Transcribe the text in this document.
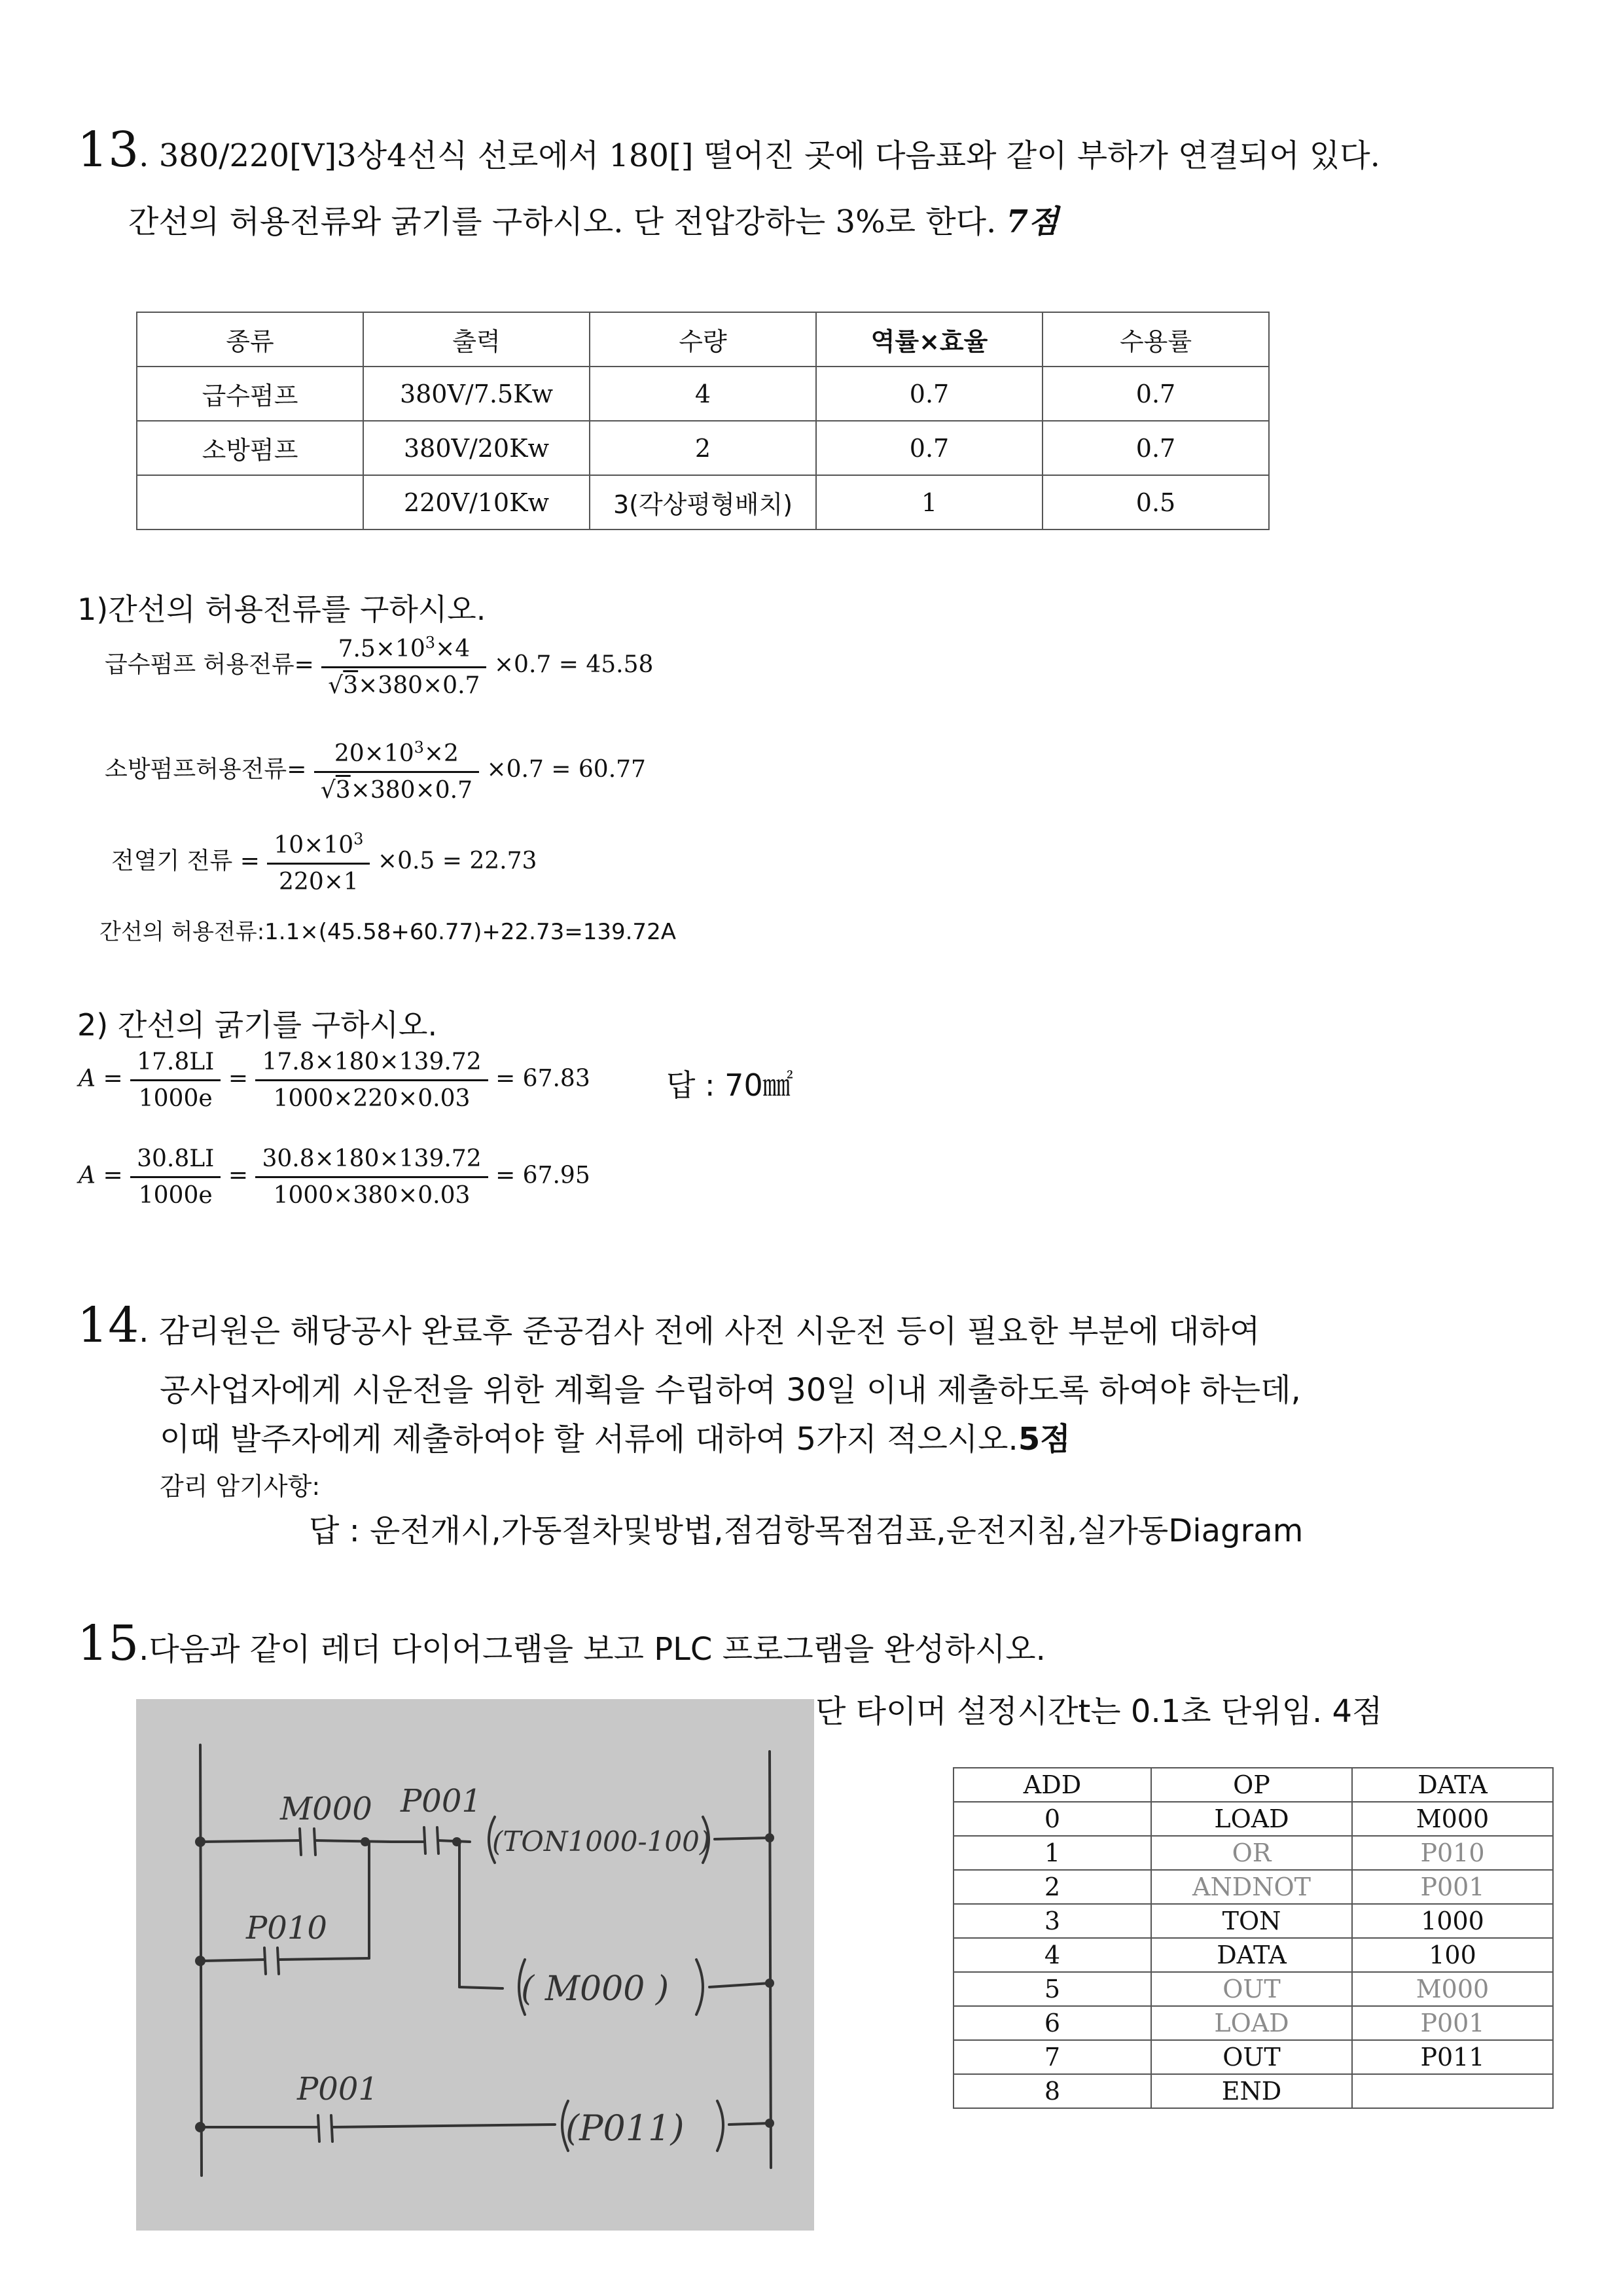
13. 380/220[V]3상4선식 선로에서 180[] 떨어진 곳에 다음표와 같이 부하가 연결되어 있다.
간선의 허용전류와 굵기를 구하시오. 단 전압강하는 3%로 한다. 7점
종류	출력	수량	역률×효율	수용률
급수펌프	380V/7.5Kw	4	0.7	0.7
소방펌프	380V/20Kw	2	0.7	0.7
	220V/10Kw	3(각상평형배치)	1	0.5
1)간선의 허용전류를 구하시오.
급수펌프 허용전류= $\frac{7.5\times 10^3\times 4}{√3\times 380\times 0.7} \times 0.7 = 45.58$
소방펌프허용전류= $\frac{20\times 10^3\times 2}{√3\times 380\times 0.7} \times 0.7 = 60.77$
전열기 전류 = $\frac{10\times 10^3}{220\times 1} \times 0.5 = 22.73$
간선의 허용전류:1.1×(45.58+60.77)+22.73=139.72A
2) 간선의 굵기를 구하시오.
$A = \frac{17.8LI}{1000e} = \frac{17.8\times 180\times 139.72}{1000\times 220\times 0.03} = 67.83$	답 : 70㎟
$A = \frac{30.8LI}{1000e} = \frac{30.8\times 180\times 139.72}{1000\times 380\times 0.03} = 67.95$
14. 감리원은 해당공사 완료후 준공검사 전에 사전 시운전 등이 필요한 부분에 대하여
공사업자에게 시운전을 위한 계획을 수립하여 30일 이내 제출하도록 하여야 하는데,
이때 발주자에게 제출하여야 할 서류에 대하여 5가지 적으시오.5점
감리 암기사항:
답 : 운전개시,가동절차및방법,점검항목점검표,운전지침,실가동Diagram
15.다음과 같이 레더 다이어그램을 보고 PLC 프로그램을 완성하시오.
단 타이머 설정시간t는 0.1초 단위임. 4점
M000 P001
P010
P001
(TON1000-100)
( M000 )
(P011)
ADD	OP	DATA
0	LOAD	M000
1	OR	P010
2	ANDNOT	P001
3	TON	1000
4	DATA	100
5	OUT	M000
6	LOAD	P001
7	OUT	P011
8	END	
